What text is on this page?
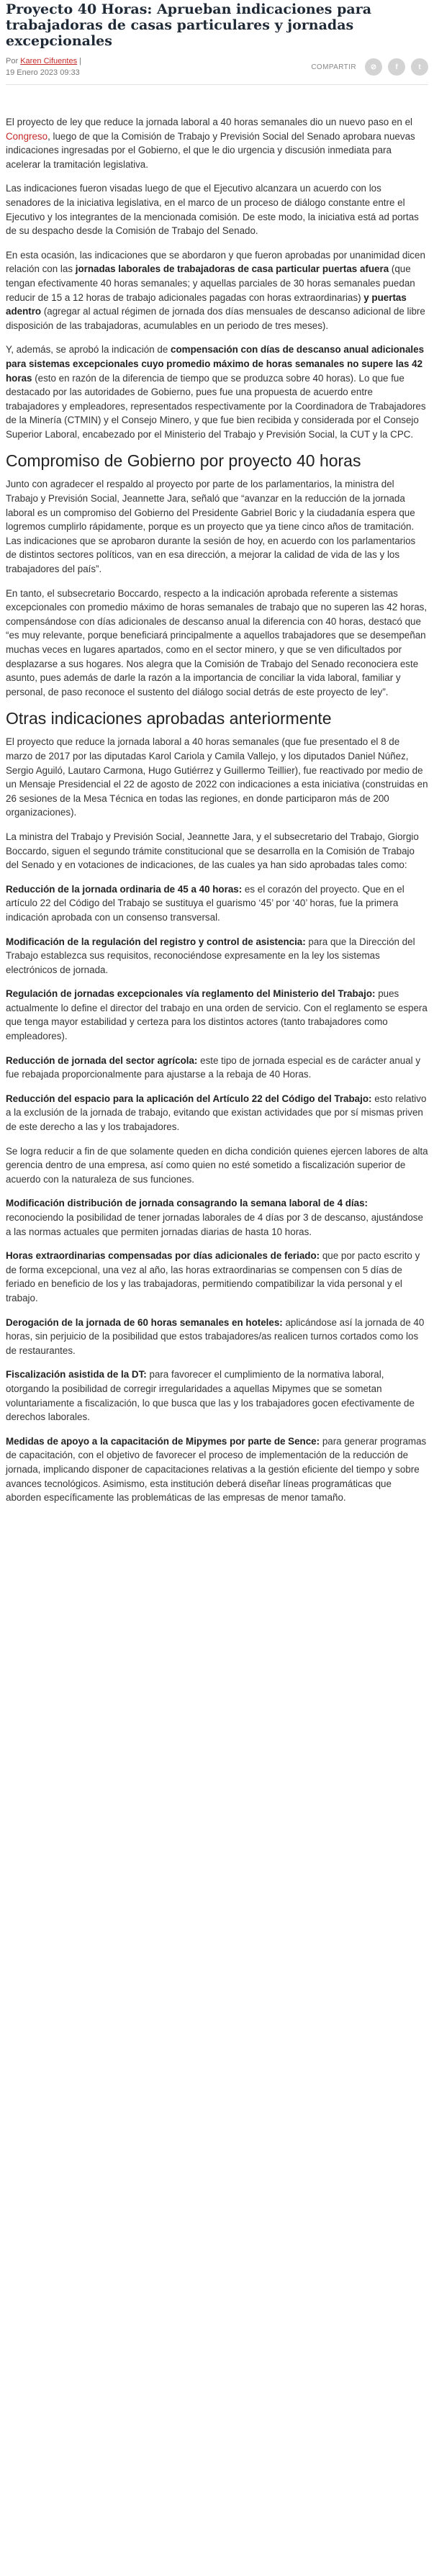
Proyecto 40 Horas: Aprueban indicaciones para trabajadoras de casas particulares y jornadas excepcionales
Por Karen Cifuentes |
19 Enero 2023 09:33
COMPARTIR	⊘	f	t

El proyecto de ley que reduce la jornada laboral a 40 horas semanales dio un nuevo paso en el Congreso, luego de que la Comisión de Trabajo y Previsión Social del Senado aprobara nuevas indicaciones ingresadas por el Gobierno, el que le dio urgencia y discusión inmediata para acelerar la tramitación legislativa.

Las indicaciones fueron visadas luego de que el Ejecutivo alcanzara un acuerdo con los senadores de la iniciativa legislativa, en el marco de un proceso de diálogo constante entre el Ejecutivo y los integrantes de la mencionada comisión. De este modo, la iniciativa está ad portas de su despacho desde la Comisión de Trabajo del Senado.

En esta ocasión, las indicaciones que se abordaron y que fueron aprobadas por unanimidad dicen relación con las jornadas laborales de trabajadoras de casa particular puertas afuera (que tengan efectivamente 40 horas semanales; y aquellas parciales de 30 horas semanales puedan reducir de 15 a 12 horas de trabajo adicionales pagadas con horas extraordinarias) y puertas adentro (agregar al actual régimen de jornada dos días mensuales de descanso adicional de libre disposición de las trabajadoras, acumulables en un periodo de tres meses).

Y, además, se aprobó la indicación de compensación con días de descanso anual adicionales para sistemas excepcionales cuyo promedio máximo de horas semanales no supere las 42 horas (esto en razón de la diferencia de tiempo que se produzca sobre 40 horas). Lo que fue destacado por las autoridades de Gobierno, pues fue una propuesta de acuerdo entre trabajadores y empleadores, representados respectivamente por la Coordinadora de Trabajadores de la Minería (CTMIN) y el Consejo Minero, y que fue bien recibida y considerada por el Consejo Superior Laboral, encabezado por el Ministerio del Trabajo y Previsión Social, la CUT y la CPC.

Compromiso de Gobierno por proyecto 40 horas

Junto con agradecer el respaldo al proyecto por parte de los parlamentarios, la ministra del Trabajo y Previsión Social, Jeannette Jara, señaló que “avanzar en la reducción de la jornada laboral es un compromiso del Gobierno del Presidente Gabriel Boric y la ciudadanía espera que logremos cumplirlo rápidamente, porque es un proyecto que ya tiene cinco años de tramitación. Las indicaciones que se aprobaron durante la sesión de hoy, en acuerdo con los parlamentarios de distintos sectores políticos, van en esa dirección, a mejorar la calidad de vida de las y los trabajadores del país”.

En tanto, el subsecretario Boccardo, respecto a la indicación aprobada referente a sistemas excepcionales con promedio máximo de horas semanales de trabajo que no superen las 42 horas, compensándose con días adicionales de descanso anual la diferencia con 40 horas, destacó que “es muy relevante, porque beneficiará principalmente a aquellos trabajadores que se desempeñan muchas veces en lugares apartados, como en el sector minero, y que se ven dificultados por desplazarse a sus hogares. Nos alegra que la Comisión de Trabajo del Senado reconociera este asunto, pues además de darle la razón a la importancia de conciliar la vida laboral, familiar y personal, de paso reconoce el sustento del diálogo social detrás de este proyecto de ley”.

Otras indicaciones aprobadas anteriormente

El proyecto que reduce la jornada laboral a 40 horas semanales (que fue presentado el 8 de marzo de 2017 por las diputadas Karol Cariola y Camila Vallejo, y los diputados Daniel Núñez, Sergio Aguiló, Lautaro Carmona, Hugo Gutiérrez y Guillermo Teillier), fue reactivado por medio de un Mensaje Presidencial el 22 de agosto de 2022 con indicaciones a esta iniciativa (construidas en 26 sesiones de la Mesa Técnica en todas las regiones, en donde participaron más de 200 organizaciones).

La ministra del Trabajo y Previsión Social, Jeannette Jara, y el subsecretario del Trabajo, Giorgio Boccardo, siguen el segundo trámite constitucional que se desarrolla en la Comisión de Trabajo del Senado y en votaciones de indicaciones, de las cuales ya han sido aprobadas tales como:

Reducción de la jornada ordinaria de 45 a 40 horas: es el corazón del proyecto. Que en el artículo 22 del Código del Trabajo se sustituya el guarismo ‘45’ por ‘40’ horas, fue la primera indicación aprobada con un consenso transversal.

Modificación de la regulación del registro y control de asistencia: para que la Dirección del Trabajo establezca sus requisitos, reconociéndose expresamente en la ley los sistemas electrónicos de jornada.

Regulación de jornadas excepcionales vía reglamento del Ministerio del Trabajo: pues actualmente lo define el director del trabajo en una orden de servicio. Con el reglamento se espera que tenga mayor estabilidad y certeza para los distintos actores (tanto trabajadores como empleadores).

Reducción de jornada del sector agrícola: este tipo de jornada especial es de carácter anual y fue rebajada proporcionalmente para ajustarse a la rebaja de 40 Horas.

Reducción del espacio para la aplicación del Artículo 22 del Código del Trabajo: esto relativo a la exclusión de la jornada de trabajo, evitando que existan actividades que por sí mismas priven de este derecho a las y los trabajadores.

Se logra reducir a fin de que solamente queden en dicha condición quienes ejercen labores de alta gerencia dentro de una empresa, así como quien no esté sometido a fiscalización superior de acuerdo con la naturaleza de sus funciones.

Modificación distribución de jornada consagrando la semana laboral de 4 días: reconociendo la posibilidad de tener jornadas laborales de 4 días por 3 de descanso, ajustándose a las normas actuales que permiten jornadas diarias de hasta 10 horas.

Horas extraordinarias compensadas por días adicionales de feriado: que por pacto escrito y de forma excepcional, una vez al año, las horas extraordinarias se compensen con 5 días de feriado en beneficio de los y las trabajadoras, permitiendo compatibilizar la vida personal y el trabajo.

Derogación de la jornada de 60 horas semanales en hoteles: aplicándose así la jornada de 40 horas, sin perjuicio de la posibilidad que estos trabajadores/as realicen turnos cortados como los de restaurantes.

Fiscalización asistida de la DT: para favorecer el cumplimiento de la normativa laboral, otorgando la posibilidad de corregir irregularidades a aquellas Mipymes que se sometan voluntariamente a fiscalización, lo que busca que las y los trabajadores gocen efectivamente de derechos laborales.

Medidas de apoyo a la capacitación de Mipymes por parte de Sence: para generar programas de capacitación, con el objetivo de favorecer el proceso de implementación de la reducción de jornada, implicando disponer de capacitaciones relativas a la gestión eficiente del tiempo y sobre avances tecnológicos. Asimismo, esta institución deberá diseñar líneas programáticas que aborden específicamente las problemáticas de las empresas de menor tamaño.
